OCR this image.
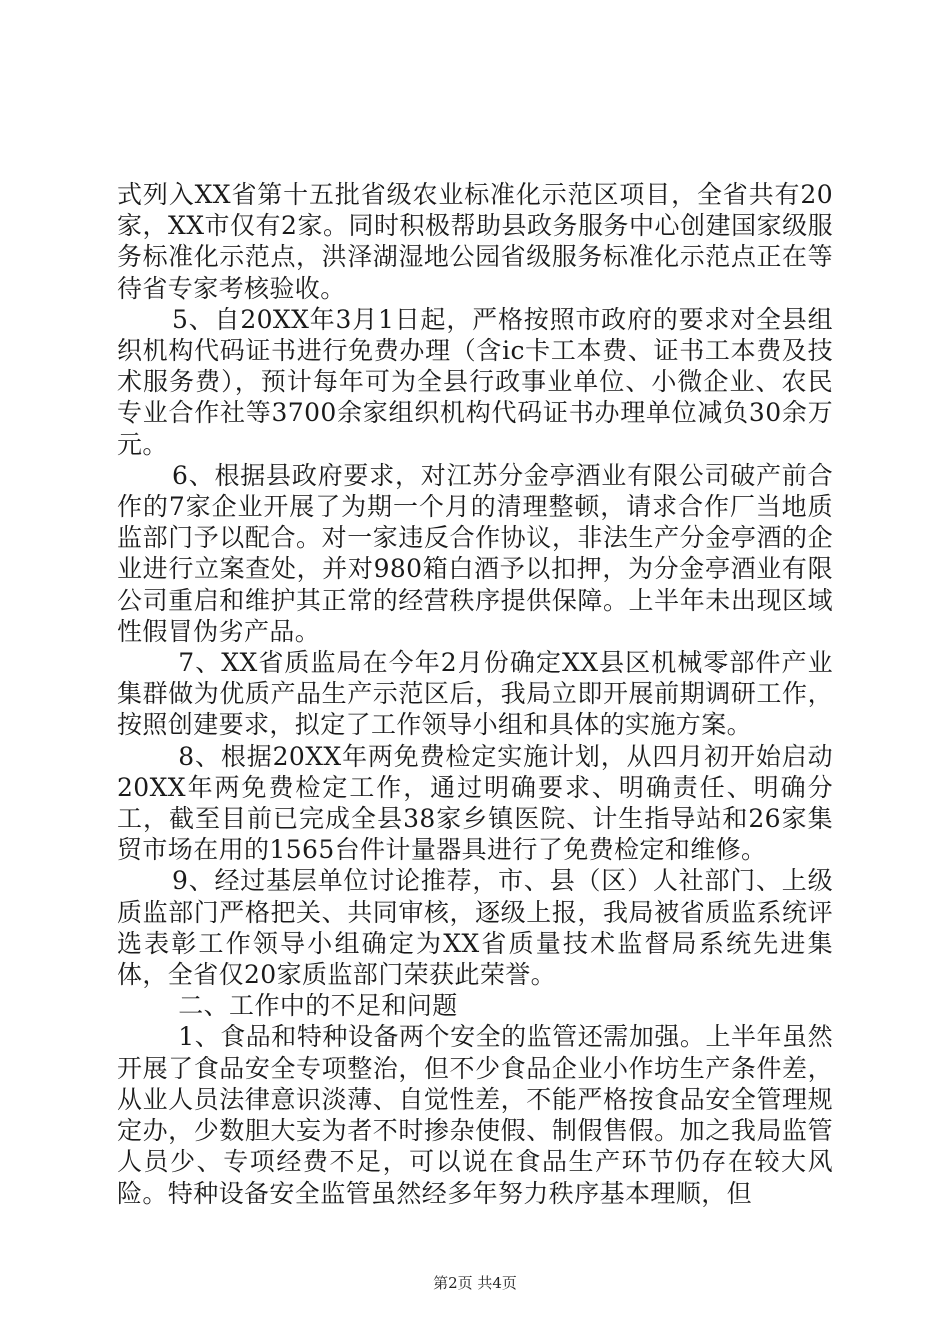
式列入XX省第十五批省级农业标准化示范区项目，全省共有20家，XX市仅有2家。同时积极帮助县政务服务中心创建国家级服务标准化示范点，洪泽湖湿地公园省级服务标准化示范点正在等待省专家考核验收。

5、自20XX年3月1日起，严格按照市政府的要求对全县组织机构代码证书进行免费办理（含ic卡工本费、证书工本费及技术服务费），预计每年可为全县行政事业单位、小微企业、农民专业合作社等3700余家组织机构代码证书办理单位减负30余万元。

6、根据县政府要求，对江苏分金亭酒业有限公司破产前合作的7家企业开展了为期一个月的清理整顿，请求合作厂当地质监部门予以配合。对一家违反合作协议，非法生产分金亭酒的企业进行立案查处，并对980箱白酒予以扣押，为分金亭酒业有限公司重启和维护其正常的经营秩序提供保障。上半年未出现区域性假冒伪劣产品。

7、XX省质监局在今年2月份确定XX县区机械零部件产业集群做为优质产品生产示范区后，我局立即开展前期调研工作，按照创建要求，拟定了工作领导小组和具体的实施方案。

8、根据20XX年两免费检定实施计划，从四月初开始启动20XX年两免费检定工作，通过明确要求、明确责任、明确分工，截至目前已完成全县38家乡镇医院、计生指导站和26家集贸市场在用的1565台件计量器具进行了免费检定和维修。

9、经过基层单位讨论推荐，市、县（区）人社部门、上级质监部门严格把关、共同审核，逐级上报，我局被省质监系统评选表彰工作领导小组确定为XX省质量技术监督局系统先进集体，全省仅20家质监部门荣获此荣誉。

二、工作中的不足和问题

1、食品和特种设备两个安全的监管还需加强。上半年虽然开展了食品安全专项整治，但不少食品企业小作坊生产条件差，从业人员法律意识淡薄、自觉性差，不能严格按食品安全管理规定办，少数胆大妄为者不时掺杂使假、制假售假。加之我局监管人员少、专项经费不足，可以说在食品生产环节仍存在较大风险。特种设备安全监管虽然经多年努力秩序基本理顺，但

第2页 共4页
